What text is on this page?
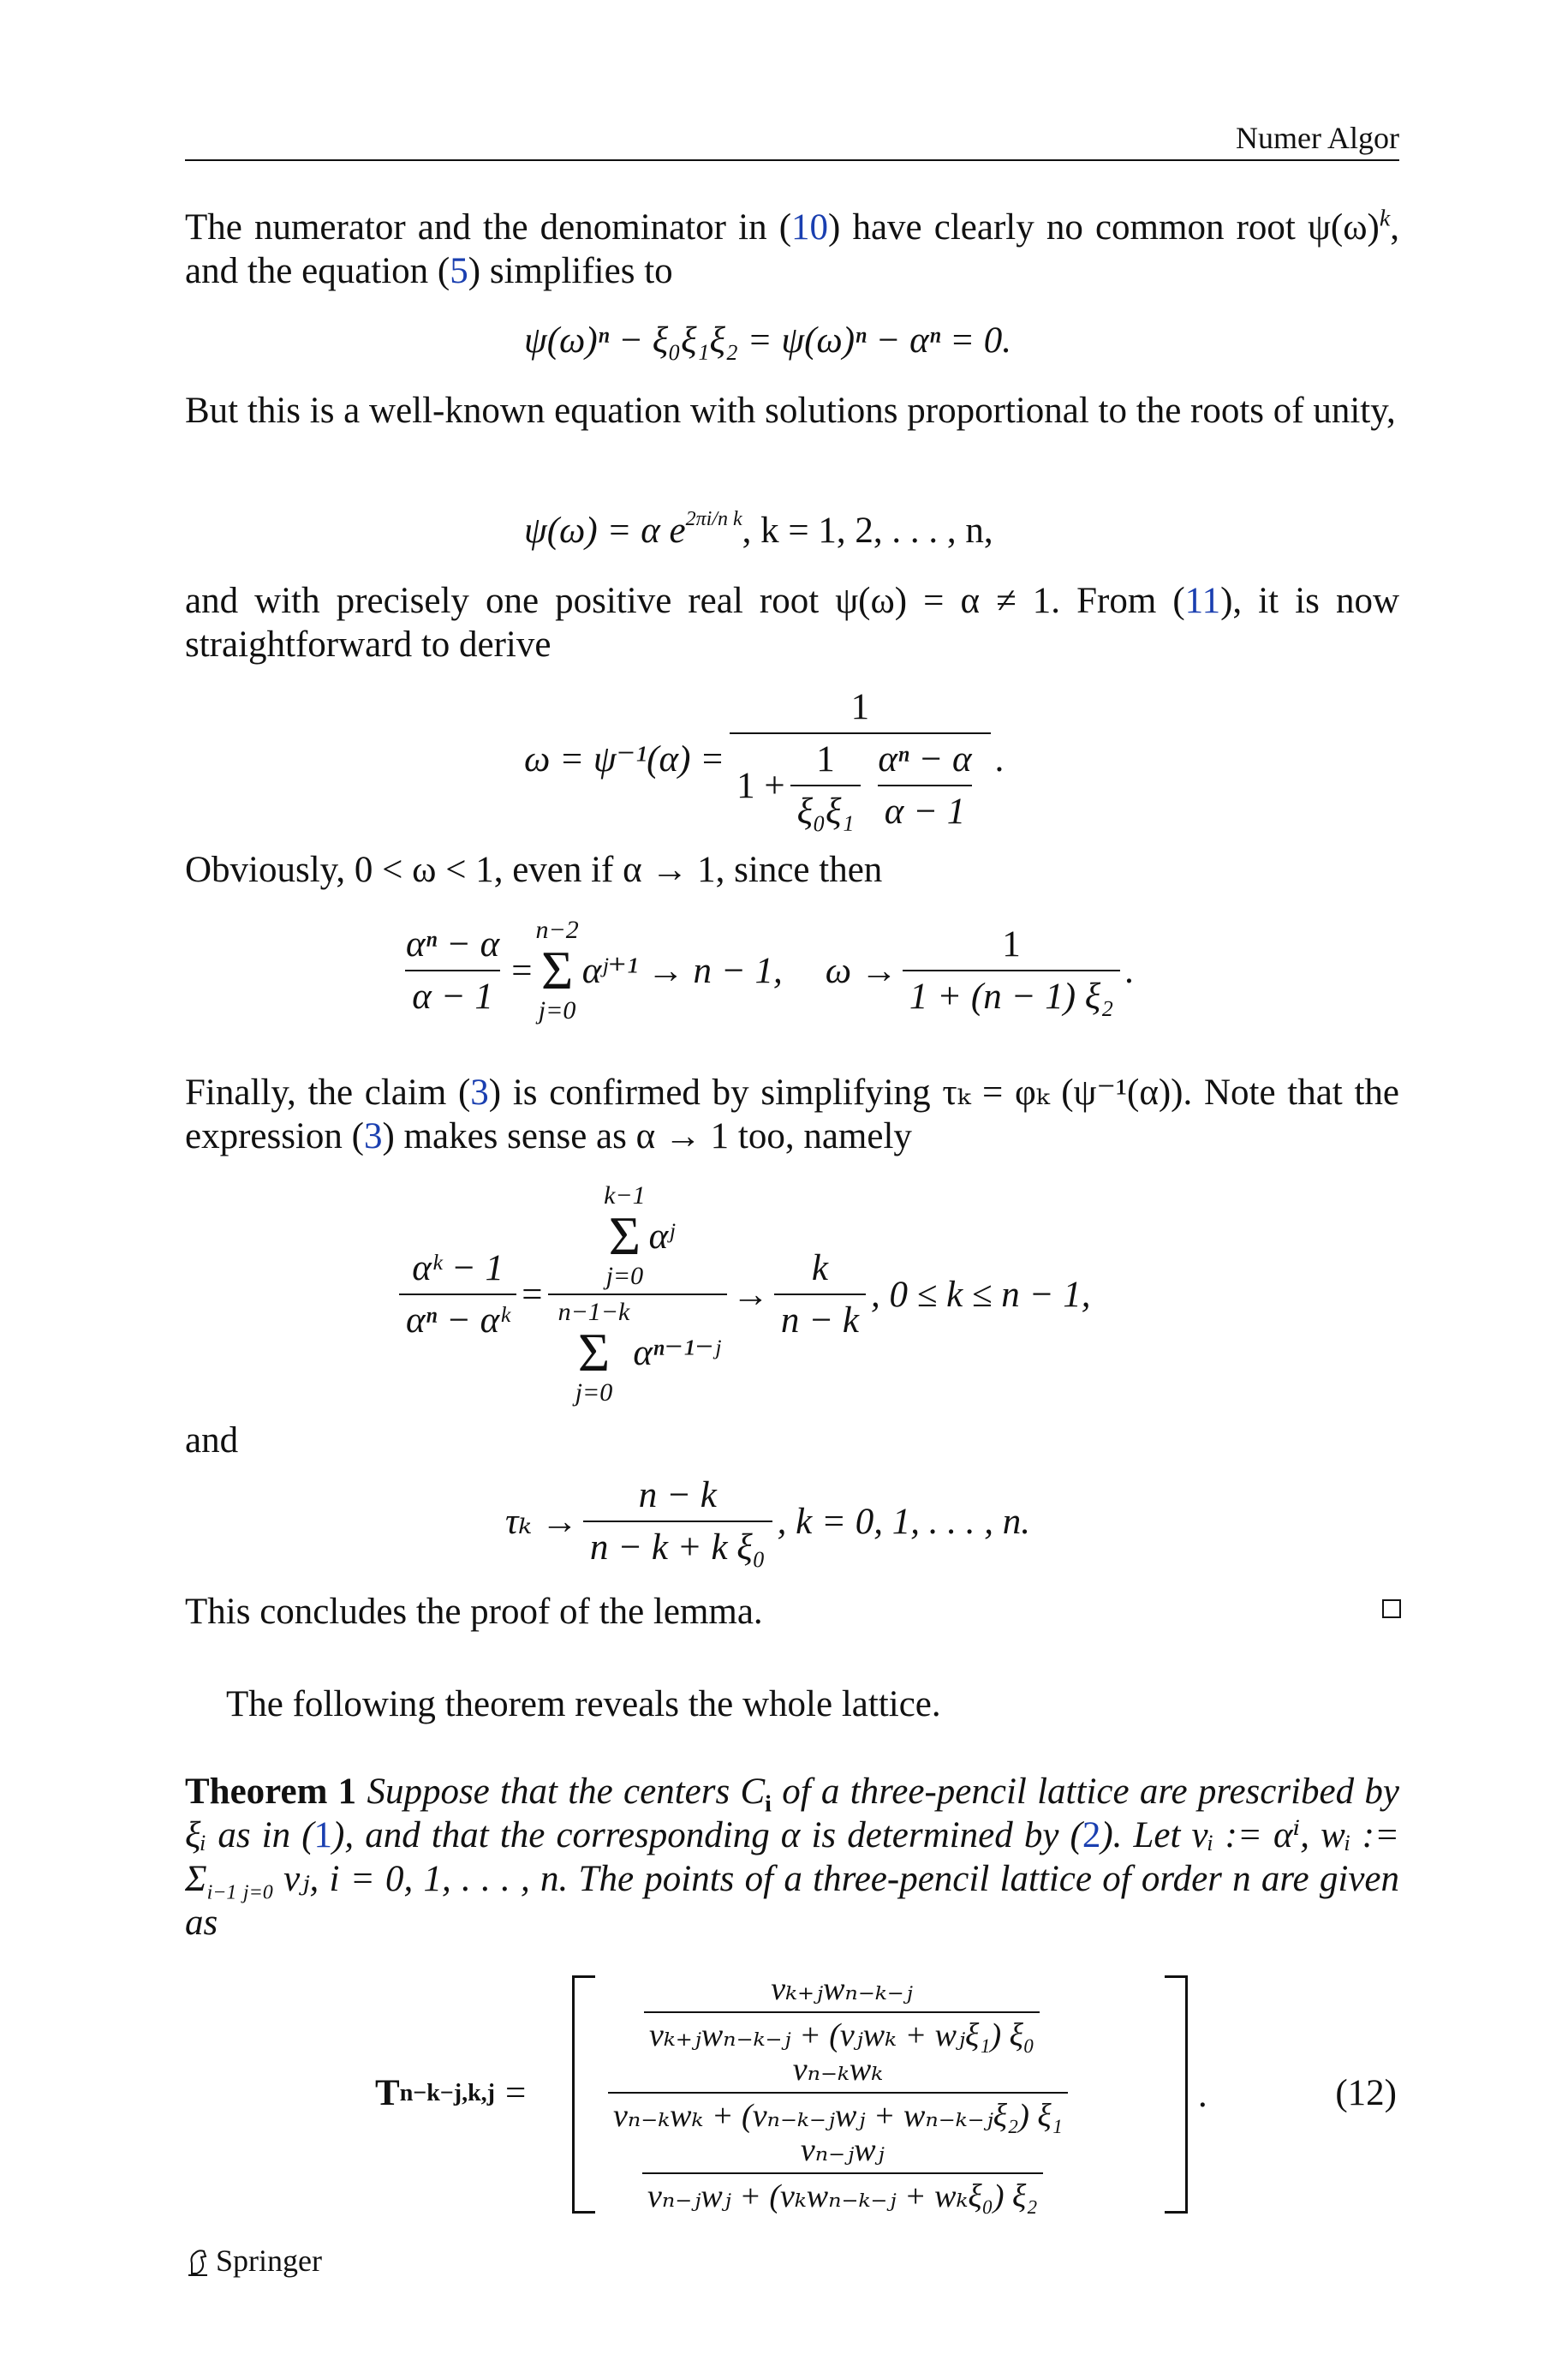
Numer Algor
The numerator and the denominator in (10) have clearly no common root $\psi(\omega)^k$, and the equation (5) simplifies to
ψ(ω)ⁿ − ξ₀ξ₁ξ₂ = ψ(ω)ⁿ − αⁿ = 0.
But this is a well-known equation with solutions proportional to the roots of unity,
ψ(ω) = α $e^{2\pi i/n k}$ , k = 1, 2, . . . , n,
and with precisely one positive real root ψ(ω) = α ≠ 1. From (11), it is now straightforward to derive
$\omega = \psi^{-1}(\alpha) = \frac{1}{1 + \frac{1}{\text{ξ₀ξ₁}} \frac{\text{αⁿ − α}}{\alpha - 1}}$ .
Obviously, 0 < ω < 1, even if α → 1, since then
$\frac{\text{αⁿ − α}}{\alpha - 1}$ =
n−2
Σ
j=0
αʲ⁺¹ → n − 1, $\omega \to \frac{1}{\text{1 + (n − 1) ξ₂}}$ .
Finally, the claim (3) is confirmed by simplifying τₖ = φₖ (ψ⁻¹(α)). Note that the expression (3) makes sense as α → 1 too, namely
$\frac{\text{αᵏ − 1}}{\text{αⁿ − αᵏ}} = k-1$
Σ
j=0
αʲ
n−1−k
Σ
j=0
αⁿ⁻¹⁻ʲ → $\frac{k}{n - k}$ , 0 ≤ k ≤ n − 1,
and
$\tau_k \to \frac{n - k}{\text{n − k + k ξ₀}}$ , k = 0, 1, . . . , n.
This concludes the proof of the lemma.
The following theorem reveals the whole lattice.
Theorem 1 Suppose that the centers $C_i$ of a three-pencil lattice are prescribed by ξᵢ as in (1), and that the corresponding α is determined by (2). Let vᵢ := αⁱ, wᵢ := $\Sigma_{i-1 j=0}$ vⱼ, i = 0, 1, . . . , n. The points of a three-pencil lattice of order n are given as
T n−k−j,k,j =
vₖ₊ⱼwₙ₋ₖ₋ⱼ
vₖ₊ⱼwₙ₋ₖ₋ⱼ + (vⱼwₖ + wⱼξ₁) ξ₀
vₙ₋ₖwₖ
vₙ₋ₖwₖ + (vₙ₋ₖ₋ⱼwⱼ + wₙ₋ₖ₋ⱼξ₂) ξ₁
vₙ₋ⱼwⱼ
vₙ₋ⱼwⱼ + (vₖwₙ₋ₖ₋ⱼ + wₖξ₀) ξ₂
.	(12)
Springer
